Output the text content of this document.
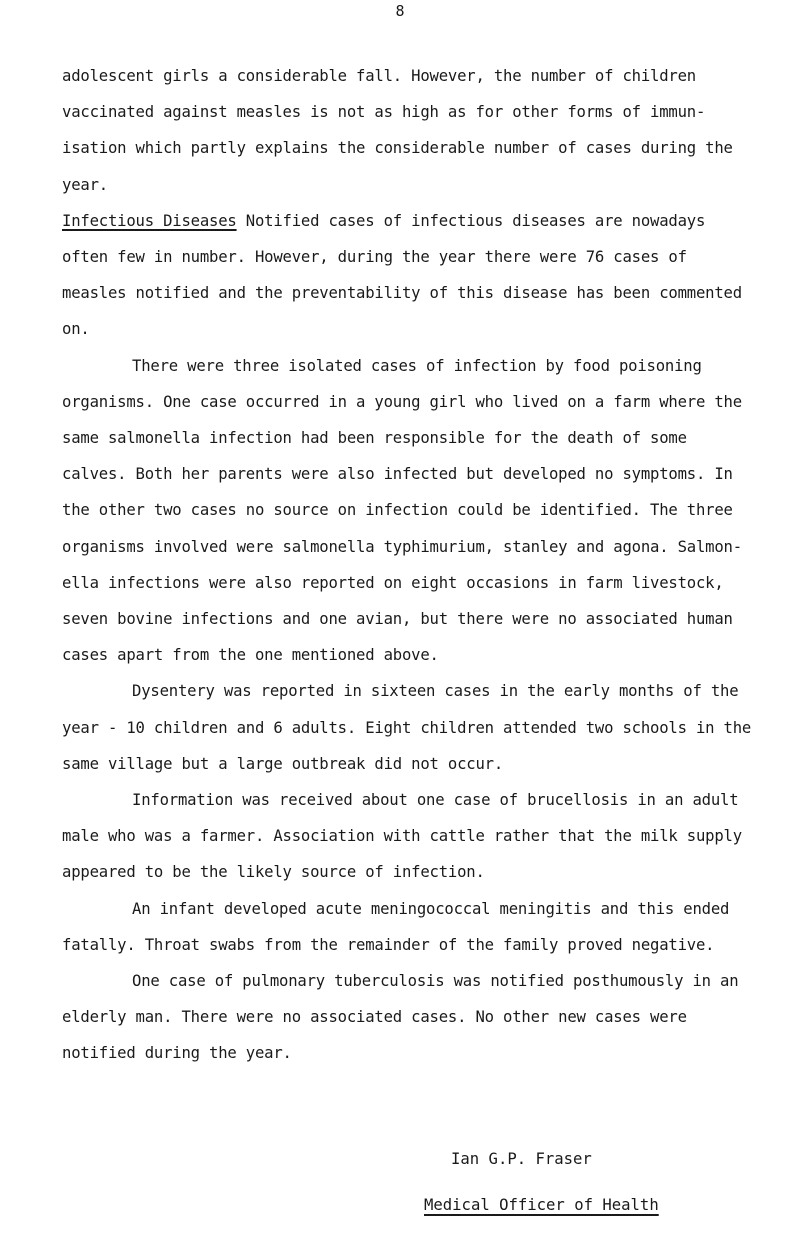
8

adolescent girls a considerable fall. However, the number of children vaccinated against measles is not as high as for other forms of immun-isation which partly explains the considerable number of cases during the year.

Infectious Diseases Notified cases of infectious diseases are nowadays often few in number. However, during the year there were 76 cases of measles notified and the preventability of this disease has been commented on.

There were three isolated cases of infection by food poisoning organisms. One case occurred in a young girl who lived on a farm where the same salmonella infection had been responsible for the death of some calves. Both her parents were also infected but developed no symptoms. In the other two cases no source on infection could be identified. The three organisms involved were salmonella typhimurium, stanley and agona. Salmon-ella infections were also reported on eight occasions in farm livestock, seven bovine infections and one avian, but there were no associated human cases apart from the one mentioned above.

Dysentery was reported in sixteen cases in the early months of the year - 10 children and 6 adults. Eight children attended two schools in the same village but a large outbreak did not occur.

Information was received about one case of brucellosis in an adult male who was a farmer. Association with cattle rather that the milk supply appeared to be the likely source of infection.

An infant developed acute meningococcal meningitis and this ended fatally. Throat swabs from the remainder of the family proved negative.

One case of pulmonary tuberculosis was notified posthumously in an elderly man. There were no associated cases. No other new cases were notified during the year.

Ian G.P. Fraser
Medical Officer of Health
